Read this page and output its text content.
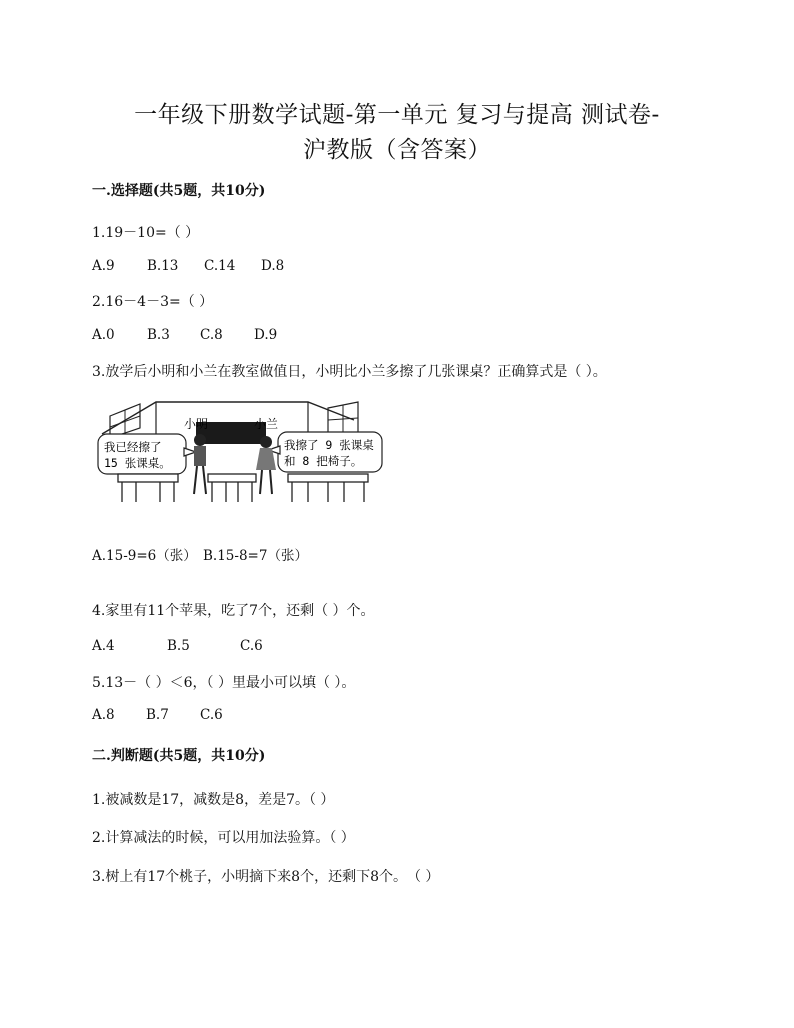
一年级下册数学试题-第一单元 复习与提高 测试卷-
沪教版（含答案）
一.选择题(共5题，共10分)
1.19－10=（ ）
A.9 B.13 C.14 D.8
2.16－4－3=（ ）
A.0 B.3 C.8 D.9
3.放学后小明和小兰在教室做值日，小明比小兰多擦了几张课桌？正确算式是（ ）。
小明	小兰
我已经擦了
15 张课桌。
我擦了 9 张课桌
和 8 把椅子。
A.15-9=6（张） B.15-8=7（张）
4.家里有11个苹果，吃了7个，还剩（ ）个。
A.4	B.5	C.6
5.13－（ ）＜6，（ ）里最小可以填（ ）。
A.8 B.7 C.6
二.判断题(共5题，共10分)
1.被减数是17，减数是8，差是7。（ ）
2.计算减法的时候，可以用加法验算。（ ）
3.树上有17个桃子，小明摘下来8个，还剩下8个。　（ ）
